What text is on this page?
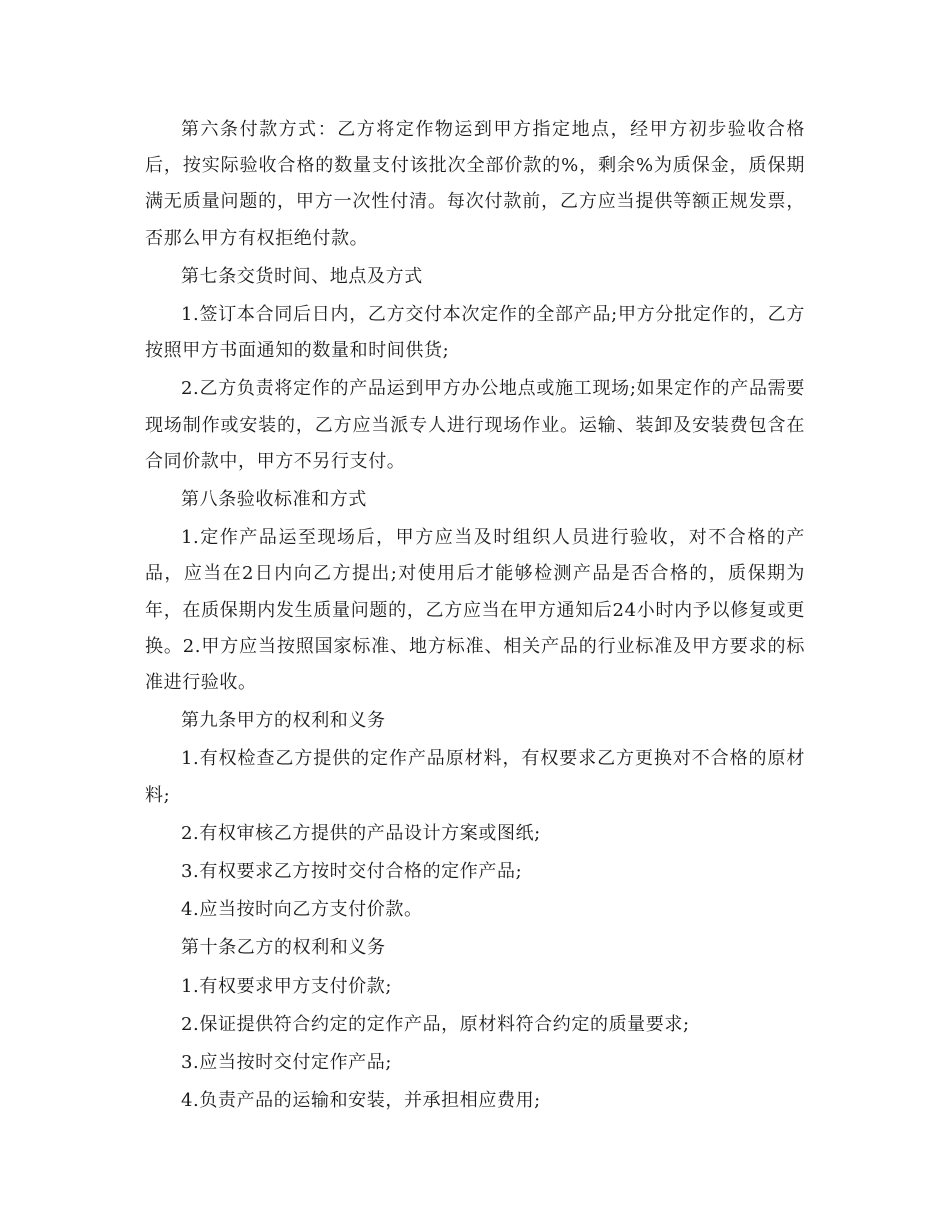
第六条付款方式：乙方将定作物运到甲方指定地点，经甲方初步验收合格后，按实际验收合格的数量支付该批次全部价款的%，剩余%为质保金，质保期满无质量问题的，甲方一次性付清。每次付款前，乙方应当提供等额正规发票，否那么甲方有权拒绝付款。

第七条交货时间、地点及方式

1.签订本合同后日内，乙方交付本次定作的全部产品;甲方分批定作的，乙方按照甲方书面通知的数量和时间供货;

2.乙方负责将定作的产品运到甲方办公地点或施工现场;如果定作的产品需要现场制作或安装的，乙方应当派专人进行现场作业。运输、装卸及安装费包含在合同价款中，甲方不另行支付。

第八条验收标准和方式

1.定作产品运至现场后，甲方应当及时组织人员进行验收，对不合格的产品，应当在2日内向乙方提出;对使用后才能够检测产品是否合格的，质保期为年，在质保期内发生质量问题的，乙方应当在甲方通知后24小时内予以修复或更换。2.甲方应当按照国家标准、地方标准、相关产品的行业标准及甲方要求的标准进行验收。

第九条甲方的权利和义务

1.有权检查乙方提供的定作产品原材料，有权要求乙方更换对不合格的原材料;

2.有权审核乙方提供的产品设计方案或图纸;

3.有权要求乙方按时交付合格的定作产品;

4.应当按时向乙方支付价款。

第十条乙方的权利和义务

1.有权要求甲方支付价款;

2.保证提供符合约定的定作产品，原材料符合约定的质量要求;

3.应当按时交付定作产品;

4.负责产品的运输和安装，并承担相应费用;
